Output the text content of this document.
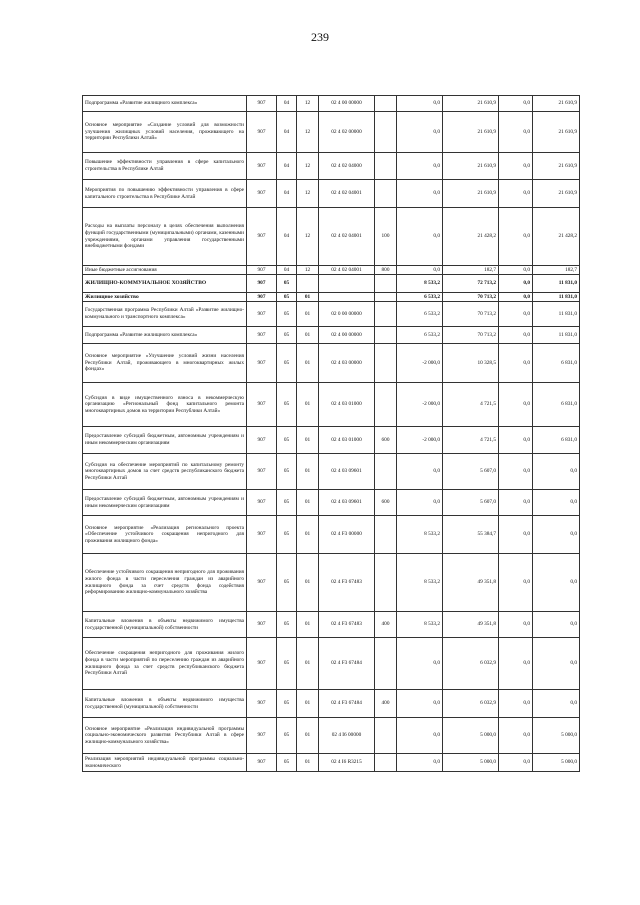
239
Подпрограмма «Развитие жилищного комплекса»	907	04	12	02 4 00 00000		0,0	21 610,9	0,0	21 610,9
Основное мероприятие «Создание условий для возможности улучшения жилищных условий населения, проживающего на территории Республики Алтай»	907	04	12	02 4 02 00000		0,0	21 610,9	0,0	21 610,9
Повышение эффективности управления в сфере капитального строительства в Республике Алтай	907	04	12	02 4 02 04000		0,0	21 610,9	0,0	21 610,9
Мероприятия по повышению эффективности управления в сфере капитального строительства в Республике Алтай	907	04	12	02 4 02 04001		0,0	21 610,9	0,0	21 610,9
Расходы на выплаты персоналу в целях обеспечения выполнения функций государственными (муниципальными) органами, казенными учреждениями, органами управления государственными внебюджетными фондами	907	04	12	02 4 02 04001	100	0,0	21 428,2	0,0	21 428,2
Иные бюджетные ассигнования	907	04	12	02 4 02 04001	800	0,0	182,7	0,0	182,7
ЖИЛИЩНО-КОММУНАЛЬНОЕ ХОЗЯЙСТВО	907	05				8 533,2	72 713,2	0,0	11 831,0
Жилищное хозяйство	907	05	01			6 533,2	70 713,2	0,0	11 831,0
Государственная программа Республики Алтай «Развитие жилищно-коммунального и транспортного комплекса»	907	05	01	02 0 00 00000		6 533,2	70 713,2	0,0	11 831,0
Подпрограмма «Развитие жилищного комплекса»	907	05	01	02 4 00 00000		6 533,2	70 713,2	0,0	11 831,0
Основное мероприятие «Улучшение условий жизни населения Республики Алтай, проживающего в многоквартирных жилых фондах»	907	05	01	02 4 03 00000		-2 000,0	10 328,5	0,0	6 831,0
Субсидия в виде имущественного взноса в некоммерческую организацию «Региональный фонд капитального ремонта многоквартирных домов на территории Республики Алтай»	907	05	01	02 4 03 01000		-2 000,0	4 721,5	0,0	6 831,0
Предоставление субсидий бюджетным, автономным учреждениям и иным некоммерческим организациям	907	05	01	02 4 03 01000	600	-2 000,0	4 721,5	0,0	6 831,0
Субсидия на обеспечение мероприятий по капитальному ремонту многоквартирных домов за счет средств республиканского бюджета Республики Алтай	907	05	01	02 4 03 09601		0,0	5 607,0	0,0	0,0
Предоставление субсидий бюджетным, автономным учреждениям и иным некоммерческим организациям	907	05	01	02 4 03 09601	600	0,0	5 607,0	0,0	0,0
Основное мероприятие «Реализация регионального проекта «Обеспечение устойчивого сокращения непригодного для проживания жилищного фонда»	907	05	01	02 4 F3 00000		8 533,2	55 384,7	0,0	0,0
Обеспечение устойчивого сокращения непригодного для проживания жилого фонда в части переселения граждан из аварийного жилищного фонда за счет средств фонда содействия реформированию жилищно-коммунального хозяйства	907	05	01	02 4 F3 67483		8 533,2	49 351,8	0,0	0,0
Капитальные вложения в объекты недвижимого имущества государственной (муниципальной) собственности	907	05	01	02 4 F3 67483	400	8 533,2	49 351,8	0,0	0,0
Обеспечение сокращения непригодного для проживания жилого фонда в части мероприятий по переселению граждан из аварийного жилищного фонда за счет средств республиканского бюджета Республики Алтай	907	05	01	02 4 F3 67484		0,0	6 032,9	0,0	0,0
Капитальные вложения в объекты недвижимого имущества государственной (муниципальной) собственности	907	05	01	02 4 F3 67484	400	0,0	6 032,9	0,0	0,0
Основное мероприятие «Реализация индивидуальной программы социально-экономического развития Республики Алтай в сфере жилищно-коммунального хозяйства»	907	05	01	02 4 I6 00000		0,0	5 000,0	0,0	5 000,0
Реализация мероприятий индивидуальной программы социально-экономического	907	05	01	02 4 I6 R3215		0,0	5 000,0	0,0	5 000,0
